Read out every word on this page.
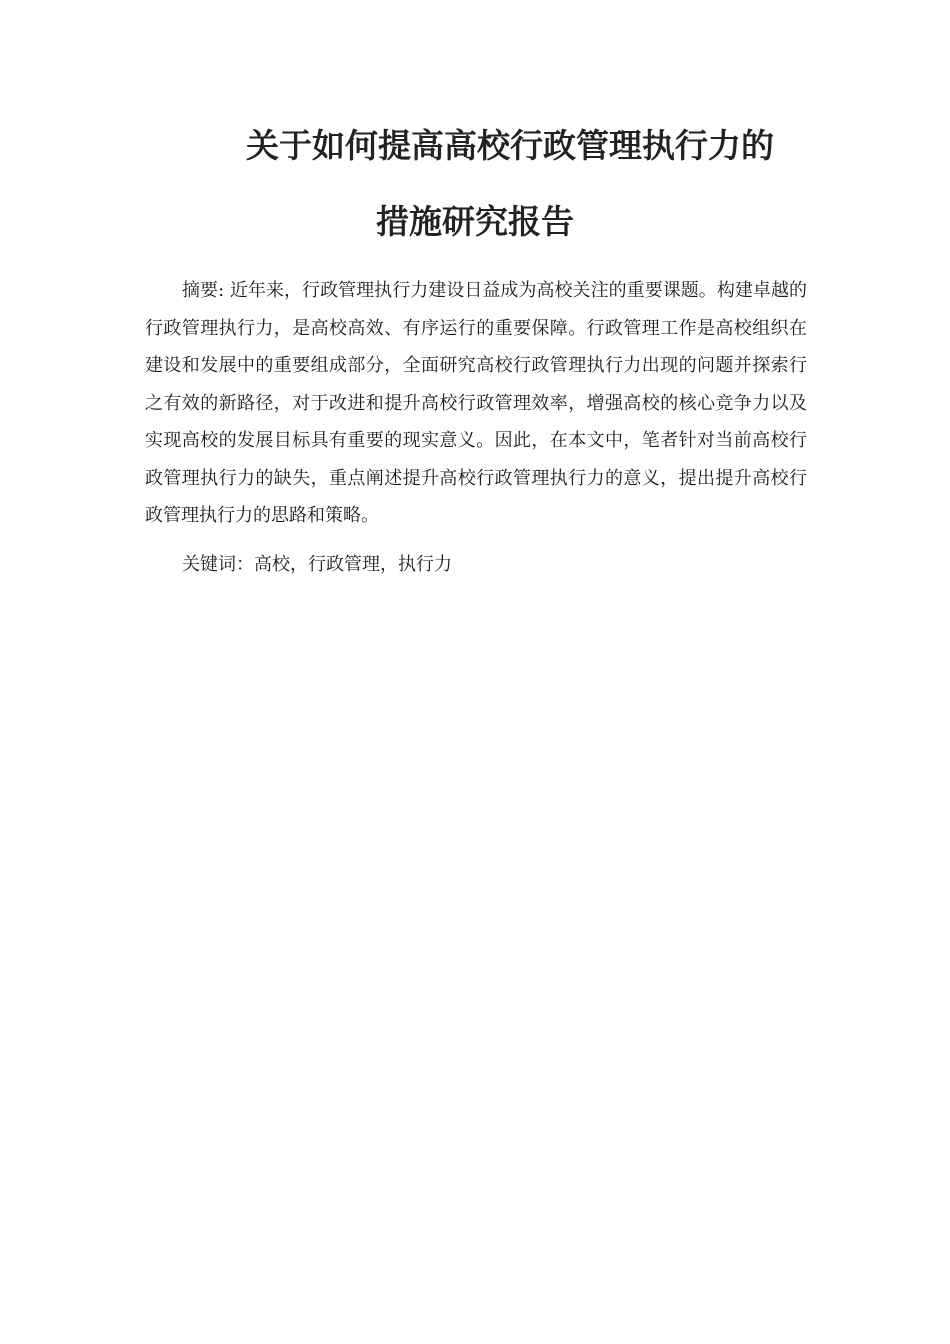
关于如何提高高校行政管理执行力的
措施研究报告

摘要: 近年来，行政管理执行力建设日益成为高校关注的重要课题。构建卓越的行政管理执行力，是高校高效、有序运行的重要保障。行政管理工作是高校组织在建设和发展中的重要组成部分，全面研究高校行政管理执行力出现的问题并探索行之有效的新路径，对于改进和提升高校行政管理效率，增强高校的核心竞争力以及实现高校的发展目标具有重要的现实意义。因此，在本文中，笔者针对当前高校行政管理执行力的缺失，重点阐述提升高校行政管理执行力的意义，提出提升高校行政管理执行力的思路和策略。

关键词：高校，行政管理，执行力
